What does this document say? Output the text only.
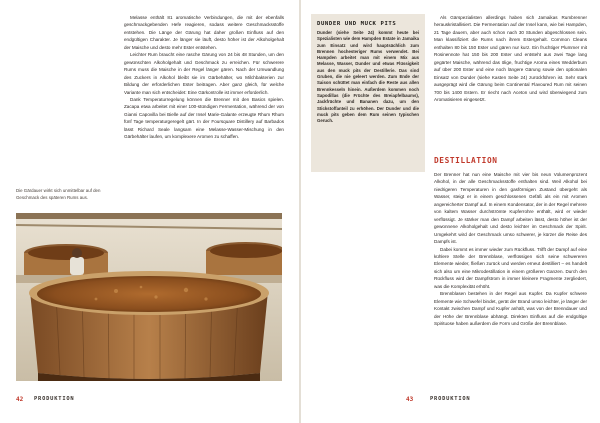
Melasse enthält 81 aromatische Verbindungen, die mit der ebenfalls geschmackgebenden Hefe reagieren, sodass weitere Geschmacksstoffe entstehen. Die Länge der Gärung hat daher großen Einfluss auf den endgültigen Charakter. Je länger sie läuft, desto höher ist der Alkoholgehalt der Maische und desto mehr Ester entstehen.

Leichter Rum braucht eine rasche Gärung von 24 bis 48 Stunden, um den gewünschten Alkoholgehalt und Geschmack zu erreichen. Für schwerere Rums muss die Maische in der Regel länger gären. Nach der Umwandlung des Zuckers in Alkohol bleibt sie im Gärbehälter, wo Milchbakterien zur Bildung der erforderlichen Ester beitragen. Aber ganz gleich, für welche Variante man sich entscheidet: Eine Gärkontrolle ist immer erforderlich.

Dank Temperaturregelung können die Brenner mit den Basics spielen. Zacapa etwa arbeitet mit einer 100-stündigen Fermentation, während der von Gianni Capovilla bei Bielle auf der Insel Marie-Galante erzeugte Rhum Rhum fünf Tage temperaturgeregelt gärt. In der Foursquare Distillery auf Barbados lässt Richard Seale langsam eine Melasse-Wasser-Mischung in den Gärbehälter laufen, um komplexere Aromen zu schaffen.

Die Gärdauer wirkt sich unmittelbar auf den Geschmack des späteren Rums aus.
42 PRODUKTION
DUNDER UND MUCK PITS

Dunder (siehe Seite 24) kommt heute bei Spezialisten wie dem Hampden Estate in Jamaika zum Einsatz und wird hauptsächlich zum Brennen hochesteriger Rums verwendet. Bei Hampden arbeitet man mit einem Mix aus Melasse, Wasser, Dunder und etwas Flüssigkeit aus den muck pits der Destillerie. Das sind Gruben, die nie geleert werden. Zum Ende der Saison schüttet man einfach die Reste aus allen Brennkesseln hinein. Außerdem kommen noch Sapodillas (die Früchte des Breiapfelbaums), Jackfrüchte und Bananen dazu, um den Stickstoffanteil zu erhöhen. Der Dunder und die muck pits geben dem Rum seinen typischen Geruch.

Als Gärspezialisten allerdings haben sich Jamaikas Rumbrenner herauskristallisiert. Die Fermentation auf der Insel kann, wie bei Hampden, 21 Tage dauern, aber auch schon nach 30 Stunden abgeschlossen sein. Man klassifiziert die Rums nach ihrem Estergehalt. Common Cleans enthalten 80 bis 150 Ester und gären nur kurz. Ein fruchtiger Plummer mit Rosinennote hat 150 bis 200 Ester und entsteht aus zwei Tage lang gegärter Maische, während das ölige, fruchtige Aroma eines Wedderburn auf über 200 Ester und eine noch längere Gärung sowie den optionalen Einsatz von Dunder (siehe Kasten Seite 24) zurückführen ist. Sehr stark ausgeprägt wird die Gärung beim Continental Flavoured Rum mit seinen 700 bis 1400 Estern. Er riecht nach Aceton und wird überwiegend zum Aromatisieren eingesetzt.

DESTILLATION

Der Brenner hat nun eine Maische mit vier bis neun Volumenprozent Alkohol, in der alle Geschmacksstoffe enthalten sind. Weil Alkohol bei niedrigeren Temperaturen in den gasförmigen Zustand übergeht als Wasser, steigt er in einem geschlossenen Gefäß als ein mit Aromen angereicherter Dampf auf. In einem Kondensator, der in der Regel mehrere von kaltem Wasser durchströmte Kupferrohre enthält, wird er wieder verflüssigt. Je stärker man den Dampf arbeiten lässt, desto höher ist der gewonnene Alkoholgehalt und desto leichter im Geschmack der Spirit. Umgekehrt wird der Geschmack umso schwerer, je kürzer die Reise des Dampfs ist.

Dabei kommt es immer wieder zum Rückfluss. Trifft der Dampf auf eine kühlere Stelle der Brennblase, verflüssigen sich seine schwereren Elemente wieder, fließen zurück und werden erneut destilliert – es handelt sich also um eine Mikrodestillation in einem größeren Ganzen. Durch den Rückfluss wird der Dampfstrom in immer kleinere Fragmente zergliedert, was die Komplexität erhöht.

Brennblasen bestehen in der Regel aus Kupfer. Da Kupfer schwere Elemente wie Schwefel bindet, gerät der Brand umso leichter, je länger der Kontakt zwischen Dampf und Kupfer anhält, was von der Brenndauer und der Höhe der Brennblase abhängt. Direkten Einfluss auf die endgültige Spirituose haben außerdem die Form und Größe der Brennblase.

43	PRODUKTION
